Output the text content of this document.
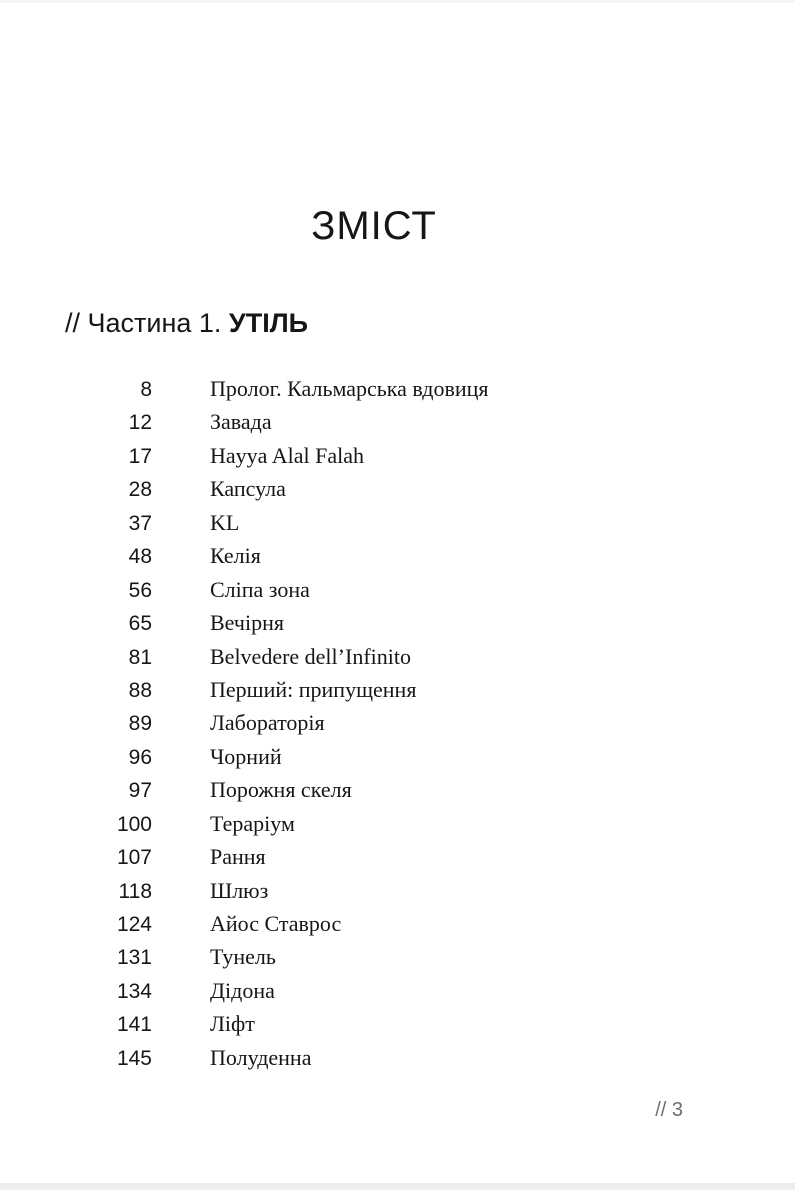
ЗМІСТ
// Частина 1. УТІЛЬ
8	Пролог. Кальмарська вдовиця
12	Завада
17	Hayya Alal Falah
28	Капсула
37	KL
48	Келія
56	Сліпа зона
65	Вечірня
81	Belvedere dell’Infinito
88	Перший: припущення
89	Лабораторія
96	Чорний
97	Порожня скеля
100	Тераріум
107	Рання
118	Шлюз
124	Айос Ставрос
131	Тунель
134	Дідона
141	Ліфт
145	Полуденна
// 3
